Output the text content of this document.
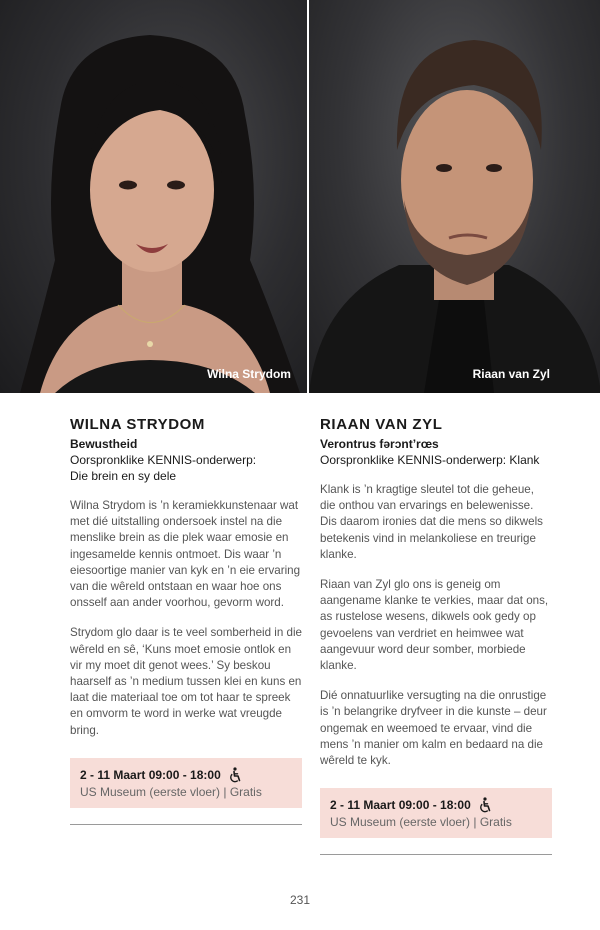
Wilna Strydom	Riaan van Zyl
WILNA STRYDOM
Bewustheid
Oorspronklike KENNIS-onderwerp:
Die brein en sy dele

Wilna Strydom is ’n keramiekkunstenaar wat met dié uitstalling ondersoek instel na die menslike brein as die plek waar emosie en ingesamelde kennis ontmoet. Dis waar ’n eiesoortige manier van kyk en ’n eie ervaring van die wêreld ontstaan en waar hoe ons onsself aan ander voorhou, gevorm word.

Strydom glo daar is te veel somberheid in die wêreld en sê, ‘Kuns moet emosie ontlok en vir my moet dit genot wees.’ Sy beskou haarself as ’n medium tussen klei en kuns en laat die materiaal toe om tot haar te spreek en omvorm te word in werke wat vreugde bring.

2 - 11 Maart 09:00 - 18:00
US Museum (eerste vloer) | Gratis
RIAAN VAN ZYL
Verontrus fərɔnt’rœs
Oorspronklike KENNIS-onderwerp: Klank

Klank is ’n kragtige sleutel tot die geheue, die onthou van ervarings en belewenisse. Dis daarom ironies dat die mens so dikwels betekenis vind in melankoliese en treurige klanke.

Riaan van Zyl glo ons is geneig om aangename klanke te verkies, maar dat ons, as rustelose wesens, dikwels ook gedy op gevoelens van verdriet en heimwee wat aangevuur word deur somber, morbiede klanke.

Dié onnatuurlike versugting na die onrustige is ’n belangrike dryfveer in die kunste – deur ongemak en weemoed te ervaar, vind die mens ’n manier om kalm en bedaard na die wêreld te kyk.

2 - 11 Maart 09:00 - 18:00
US Museum (eerste vloer) | Gratis
231
